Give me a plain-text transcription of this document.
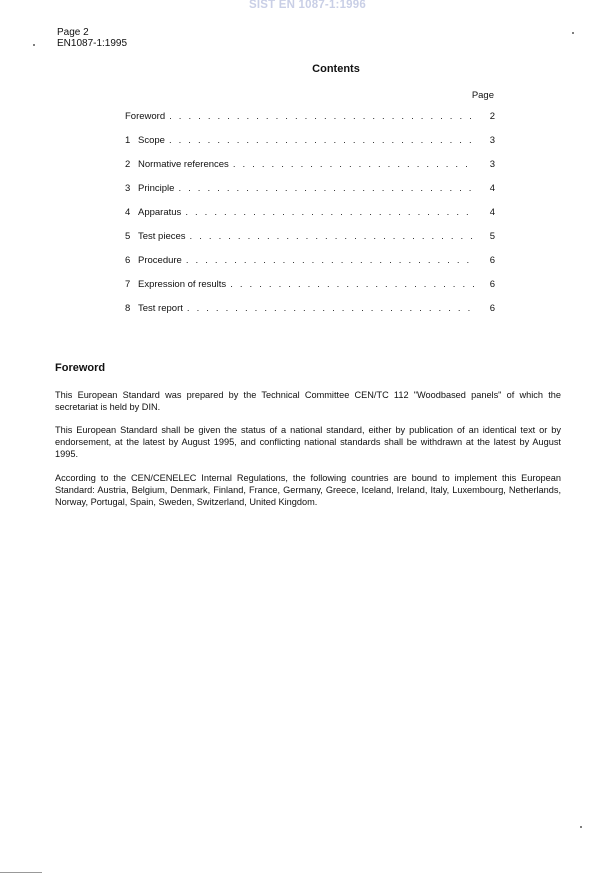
SIST EN 1087-1:1996
Page 2
EN1087-1:1995
Contents
Page
Foreword . . .	2
1 Scope . . .	3
2 Normative references . . .	3
3 Principle . . .	4
4 Apparatus . . .	4
5 Test pieces . . .	5
6 Procedure . . .	6
7 Expression of results . . .	6
8 Test report . . .	6
Foreword
This European Standard was prepared by the Technical Committee CEN/TC 112 "Woodbased panels" of which the secretariat is held by DIN.
This European Standard shall be given the status of a national standard, either by publication of an identical text or by endorsement, at the latest by August 1995, and conflicting national standards shall be withdrawn at the latest by August 1995.
According to the CEN/CENELEC Internal Regulations, the following countries are bound to implement this European Standard: Austria, Belgium, Denmark, Finland, France, Germany, Greece, Iceland, Ireland, Italy, Luxembourg, Netherlands, Norway, Portugal, Spain, Sweden, Switzerland, United Kingdom.
